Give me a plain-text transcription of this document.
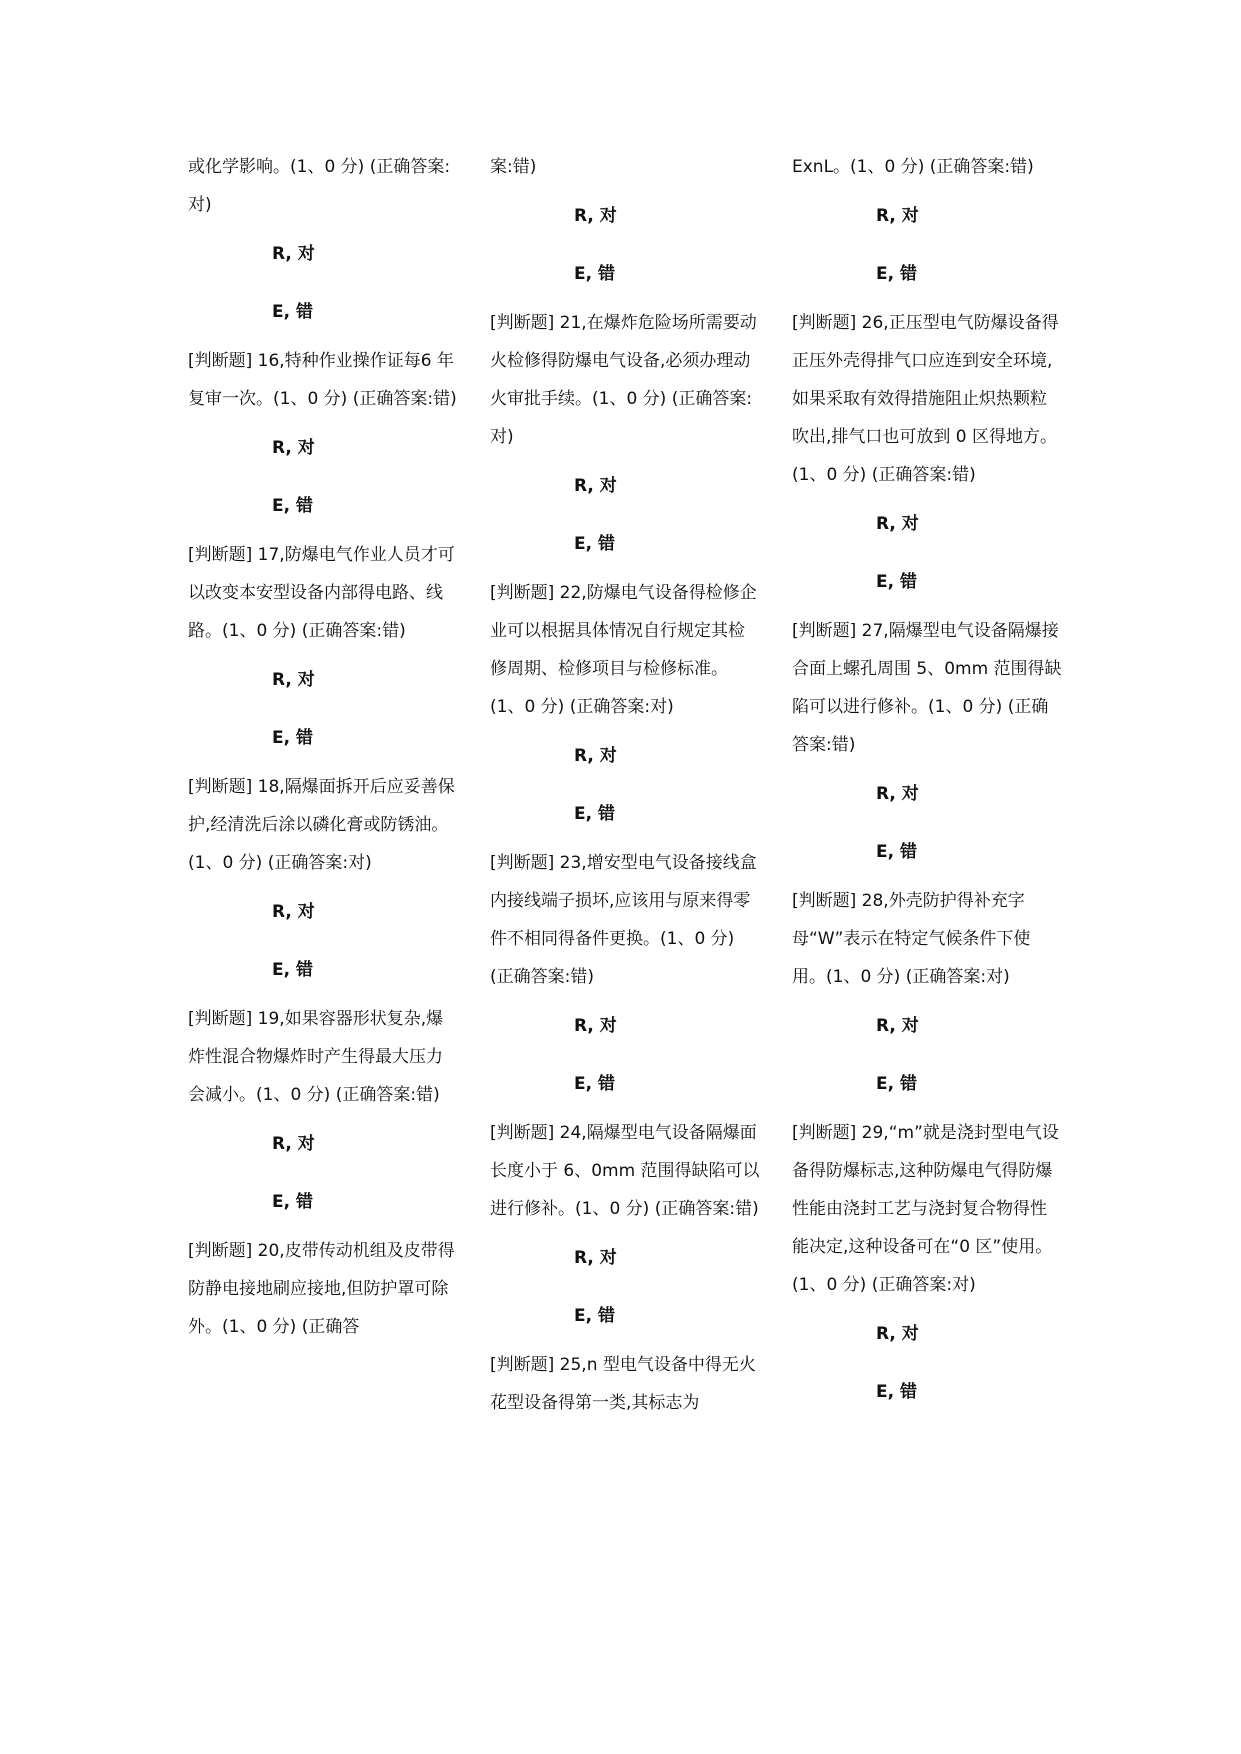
或化学影响。(1、0 分) (正确答案:对)

R, 对

E, 错

[判断题] 16,特种作业操作证每6 年复审一次。(1、0 分) (正确答案:错)

R, 对

E, 错

[判断题] 17,防爆电气作业人员才可以改变本安型设备内部得电路、线路。(1、0 分) (正确答案:错)

R, 对

E, 错

[判断题] 18,隔爆面拆开后应妥善保护,经清洗后涂以磷化膏或防锈油。(1、0 分) (正确答案:对)

R, 对

E, 错

[判断题] 19,如果容器形状复杂,爆炸性混合物爆炸时产生得最大压力会减小。(1、0 分) (正确答案:错)

R, 对

E, 错

[判断题] 20,皮带传动机组及皮带得防静电接地刷应接地,但防护罩可除外。(1、0 分) (正确答

案:错)

R, 对

E, 错

[判断题] 21,在爆炸危险场所需要动火检修得防爆电气设备,必须办理动火审批手续。(1、0 分) (正确答案:对)

R, 对

E, 错

[判断题] 22,防爆电气设备得检修企业可以根据具体情况自行规定其检修周期、检修项目与检修标准。(1、0 分) (正确答案:对)

R, 对

E, 错

[判断题] 23,增安型电气设备接线盒内接线端子损坏,应该用与原来得零件不相同得备件更换。(1、0 分) (正确答案:错)

R, 对

E, 错

[判断题] 24,隔爆型电气设备隔爆面长度小于 6、0mm 范围得缺陷可以进行修补。(1、0 分) (正确答案:错)

R, 对

E, 错

[判断题] 25,n 型电气设备中得无火花型设备得第一类,其标志为

ExnL。(1、0 分) (正确答案:错)

R, 对

E, 错

[判断题] 26,正压型电气防爆设备得正压外壳得排气口应连到安全环境,如果采取有效得措施阻止炽热颗粒吹出,排气口也可放到 0 区得地方。(1、0 分) (正确答案:错)

R, 对

E, 错

[判断题] 27,隔爆型电气设备隔爆接合面上螺孔周围 5、0mm 范围得缺陷可以进行修补。(1、0 分) (正确答案:错)

R, 对

E, 错

[判断题] 28,外壳防护得补充字母“W”表示在特定气候条件下使用。(1、0 分) (正确答案:对)

R, 对

E, 错

[判断题] 29,“m”就是浇封型电气设备得防爆标志,这种防爆电气得防爆性能由浇封工艺与浇封复合物得性能决定,这种设备可在“0 区”使用。(1、0 分) (正确答案:对)

R, 对

E, 错
